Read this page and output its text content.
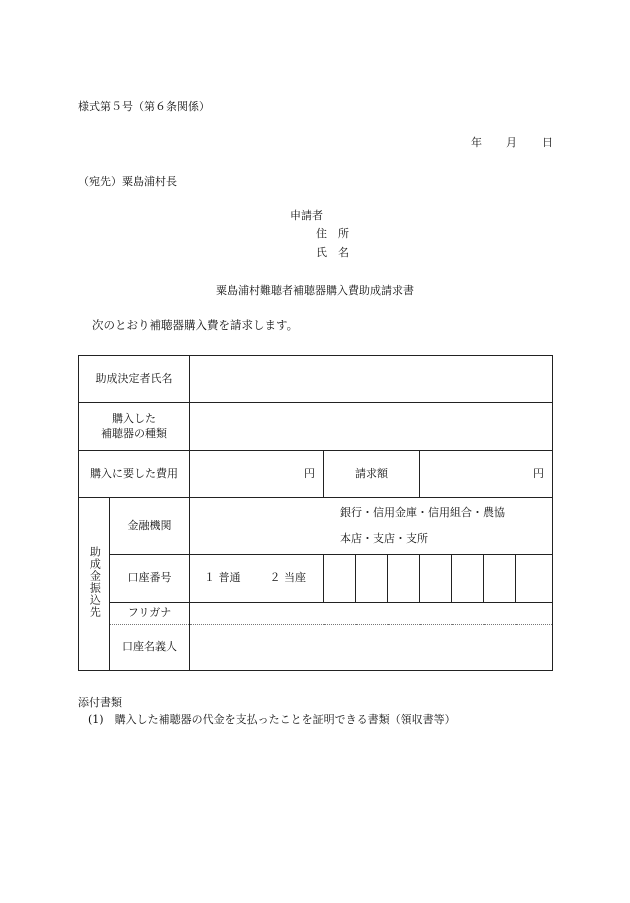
様式第５号（第６条関係）
年 月 日
（宛先）粟島浦村長
申請者
住　所
氏　名
粟島浦村難聴者補聴器購入費助成請求書
次のとおり補聴器購入費を請求します。
助成決定者氏名									

購入した
補聴器の種類									

購入に要した費用		円	請求額			円			
助成金振込先	金融機関	銀行・信用金庫・信用組合・農協
本店・支店・支所							

	口座番号	１ 普通 ２ 当座							
	フリガナ								
	口座名義人								
添付書類
(1)　購入した補聴器の代金を支払ったことを証明できる書類（領収書等）
